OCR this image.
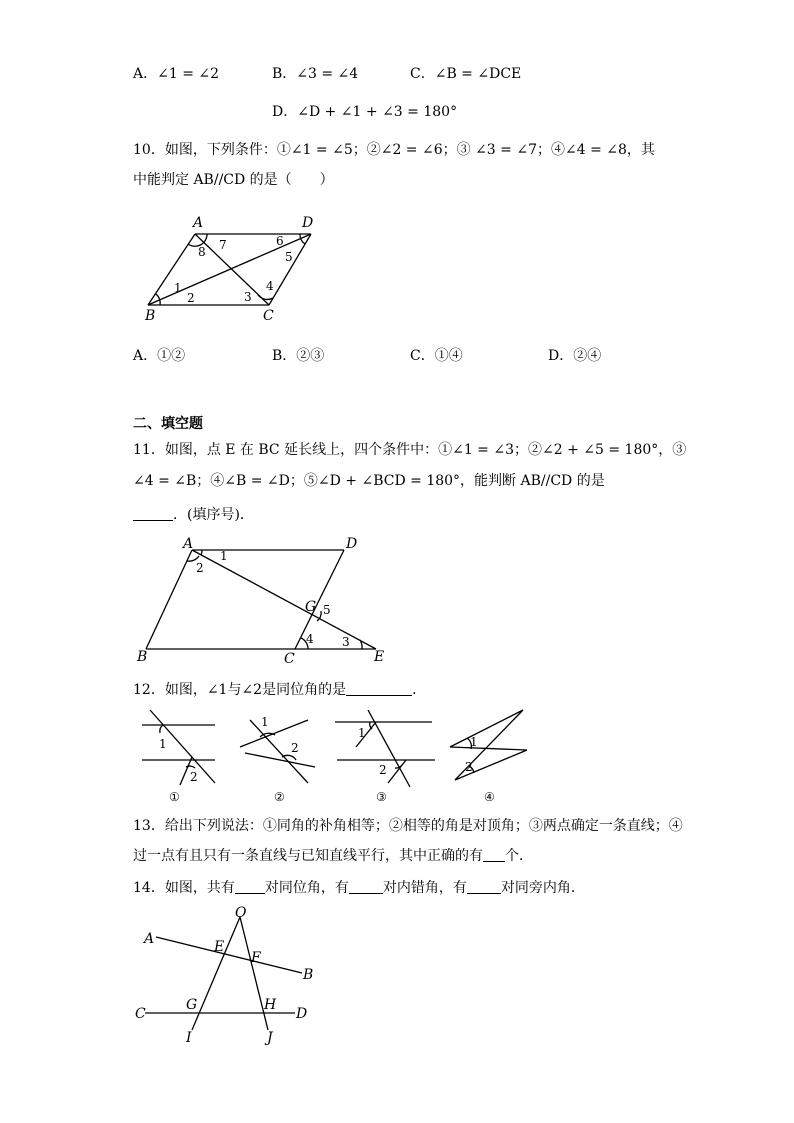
A．∠1 = ∠2	B．∠3 = ∠4	C．∠B = ∠DCE
D．∠D + ∠1 + ∠3 = 180°
10．如图，下列条件：①∠1 = ∠5；②∠2 = ∠6；③ ∠3 = ∠7；④∠4 = ∠8，其
中能判定 AB//CD 的是（　　）
A	D
B	C
1
2	3
4
5
6
7
8
A．①②	B．②③	C．①④	D．②④
二、填空题
11．如图，点 E 在 BC 延长线上，四个条件中：①∠1 = ∠3；②∠2 + ∠5 = 180°，③
∠4 = ∠B；④∠B = ∠D；⑤∠D + ∠BCD = 180°，能判断 AB//CD 的是
．(填序号)．
A	D
B	C	E
G
1
2
3
4
5
12．如图，∠1与∠2是同位角的是	．
1
2
1
2
1
2
1
2
①	②	③	④
13．给出下列说法：①同角的补角相等；②相等的角是对顶角；③两点确定一条直线；④
过一点有且只有一条直线与已知直线平行，其中正确的有 个．
14．如图，共有 对同位角，有 对内错角，有 对同旁内角．
O
A
B
C	D
E
F
G	H
I	J
